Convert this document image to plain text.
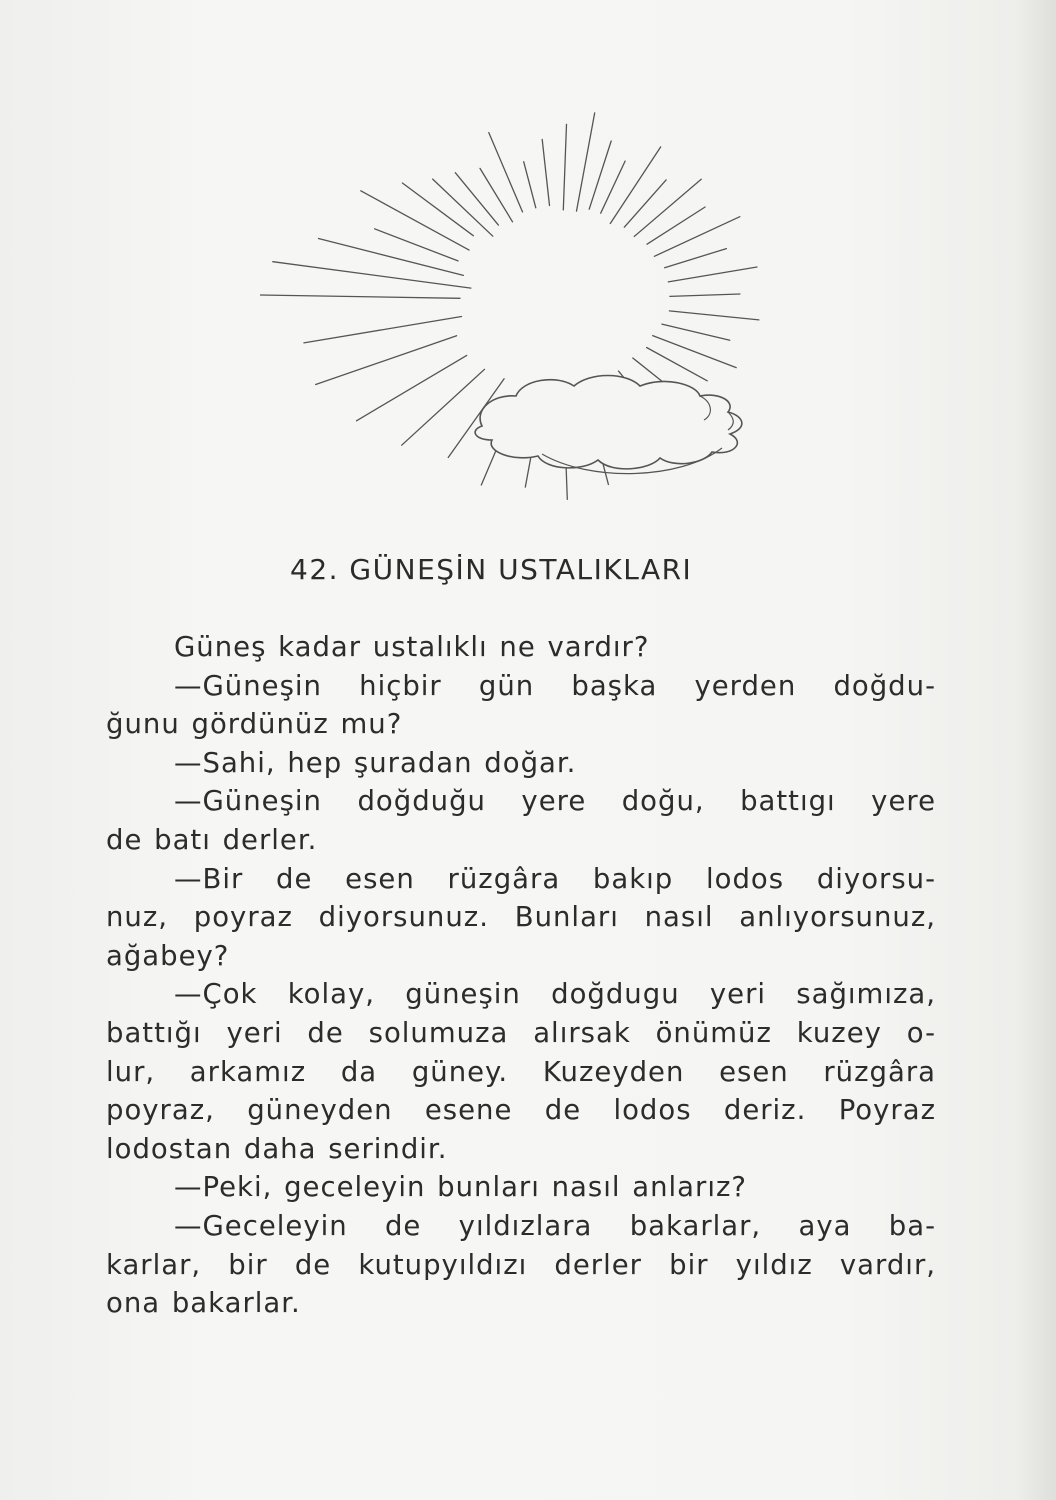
42. GÜNEŞİN USTALIKLARI
Güneş kadar ustalıklı ne vardır?
—Güneşin hiçbir gün başka yerden doğdu-
ğunu gördünüz mu?
—Sahi, hep şuradan doğar.
—Güneşin doğduğu yere doğu, battıgı yere
de batı derler.
—Bir de esen rüzgâra bakıp lodos diyorsu-
nuz, poyraz diyorsunuz. Bunları nasıl anlıyorsunuz,
ağabey?
—Çok kolay, güneşin doğdugu yeri sağımıza,
battığı yeri de solumuza alırsak önümüz kuzey o-
lur, arkamız da güney. Kuzeyden esen rüzgâra
poyraz, güneyden esene de lodos deriz. Poyraz
lodostan daha serindir.
—Peki, geceleyin bunları nasıl anlarız?
—Geceleyin de yıldızlara bakarlar, aya ba-
karlar, bir de kutupyıldızı derler bir yıldız vardır,
ona bakarlar.
